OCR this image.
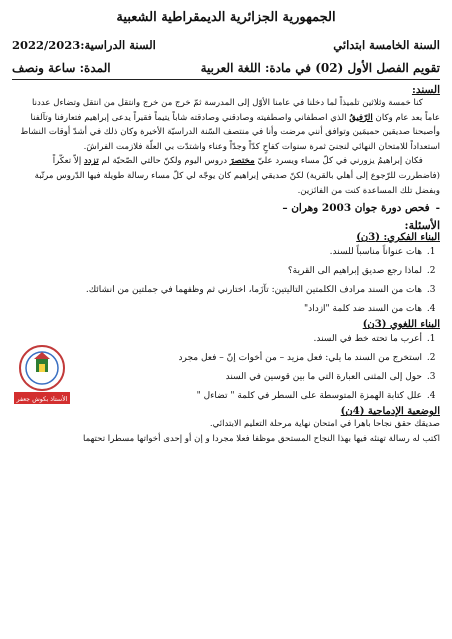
الجمهورية الجزائرية الديمقراطية الشعبية
السنة الخامسة ابتدائي
السنة الدراسية:2022/2023
تقويم الفصل الأول (02) في مادة: اللغة العربية
المدة: ساعة ونصف
السند:

  كنا خمسة وثلاثين تلميذاً لما دخلنا في عامنا الأوّل إلى المدرسة ثمّ خرج من خرج وانتقل من انتقل وتضاءل عددنا

عاماً بعد عام وكان الرّفيقُ الذي اصطفاني واصطفيته وصادقني وصادقته شاباً يتيماً فقيراً يدعى إبراهيم فتعارفنا وتآلفنا

وأصبحنا صديقين حميمَين وتوافق أنني مرضت وأنا في منتصف السّنة الدراسيّة الأخيرة وكان ذلك في أشدّ أوقات النشاط

استعداداً للامتحان النهائي لنجنيَ ثمرة سنوات كفاحٍ كدّاً وجدّاً وعناء واشتدّت بي العلّة فلازمت الفراشَ.

  فكان إبراهيمُ يزورني في كلّ مساء ويسرد عليّ مختصرَ دروس اليوم ولكنّ حالتي الصّحيّة لم تزدد إلاّ تعكّراً

(فاضطررت للرّجوع إلى أهلي بالقرية) لكنّ صديقي إبراهيم كان يوجّه لي كلّ مساء رسالة طويلة فيها الدّروس مرتّبة

وبفضل تلك المساعدة كنت من الفائزين.

-فحص دورة جوان 2003 وهران –
الأستاذ بكوش جعفر
الأسئلة:
البناء الفكري: (3ن)
1. هات عنواناً مناسباً للسند.
2. لماذا رجع صديق إبراهيم الى القرية؟
3. هات من السند مرادف الكلمتين التاليتين: تآزَما، اختارني ثم وظفهما في جملتين من انشائك.
4. هات من السند ضد كلمة "ازداد"
البناء اللغوي (3ن)
1. أعرب ما تحته خط في السند.
2. استخرج من السند ما يلي: فعل مزيد – من أخوات إنّ – فعل مجرد
3. حول إلى المثنى العبارة التي ما بين قوسين في السند
4. علل كتابة الهمزة المتوسطة على السطر في كلمة " تضاءل "
الوضعية الإدماجية (4ن)
صديقك حقق نجاحا باهرا في امتحان نهاية مرحلة التعليم الابتدائي.
اكتب له رسالة تهنئه فيها بهذا النجاح المستحق موظفا فعلا مجردا و إن أو إحدى أخواتها مسطرا تحتهما
